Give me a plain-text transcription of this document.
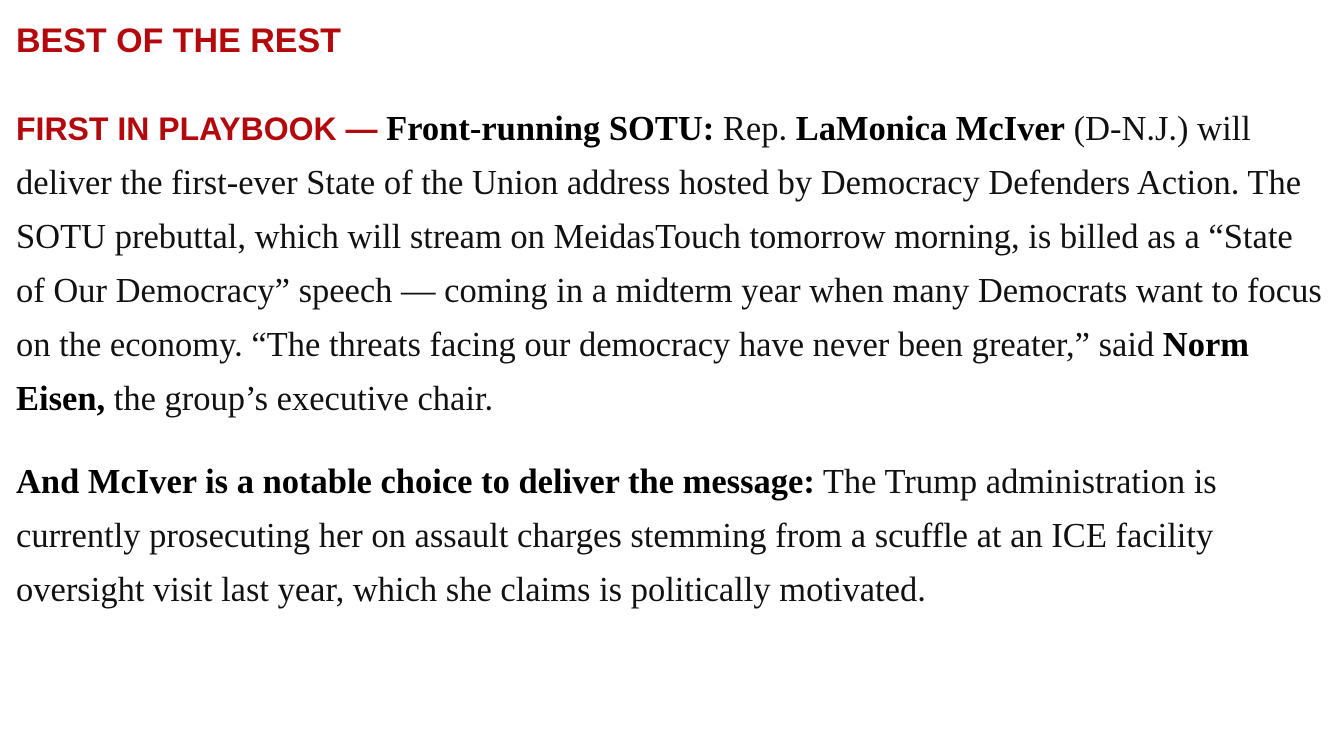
BEST OF THE REST

FIRST IN PLAYBOOK — Front-running SOTU: Rep. LaMonica McIver (D-N.J.) will deliver the first-ever State of the Union address hosted by Democracy Defenders Action. The SOTU prebuttal, which will stream on MeidasTouch tomorrow morning, is billed as a “State of Our Democracy” speech — coming in a midterm year when many Democrats want to focus on the economy. “The threats facing our democracy have never been greater,” said Norm Eisen, the group’s executive chair.

And McIver is a notable choice to deliver the message: The Trump administration is currently prosecuting her on assault charges stemming from a scuffle at an ICE facility oversight visit last year, which she claims is politically motivated.
